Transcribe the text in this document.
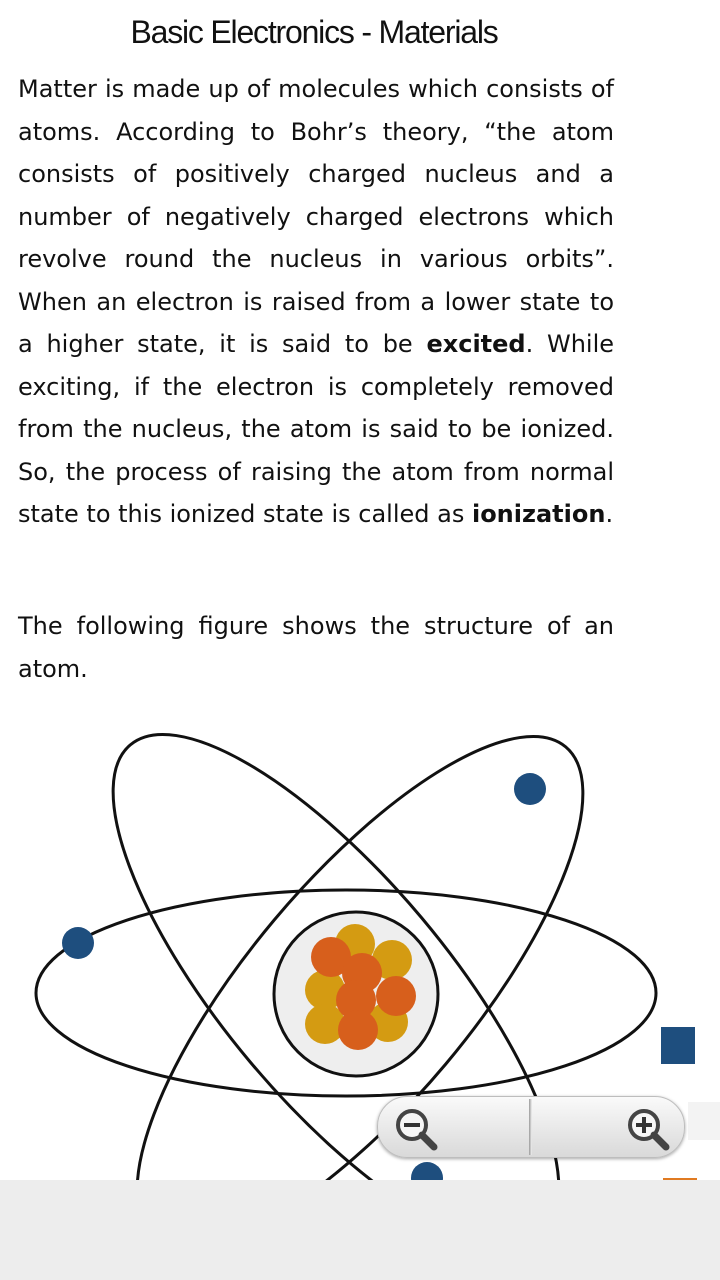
Basic Electronics - Materials

Matter is made up of molecules which consists of atoms. According to Bohr’s theory, “the atom consists of positively charged nucleus and a number of negatively charged electrons which revolve round the nucleus in various orbits”. When an electron is raised from a lower state to a higher state, it is said to be excited. While exciting, if the electron is completely removed from the nucleus, the atom is said to be ionized. So, the process of raising the atom from normal state to this ionized state is called as ionization.

The following figure shows the structure of an atom.
